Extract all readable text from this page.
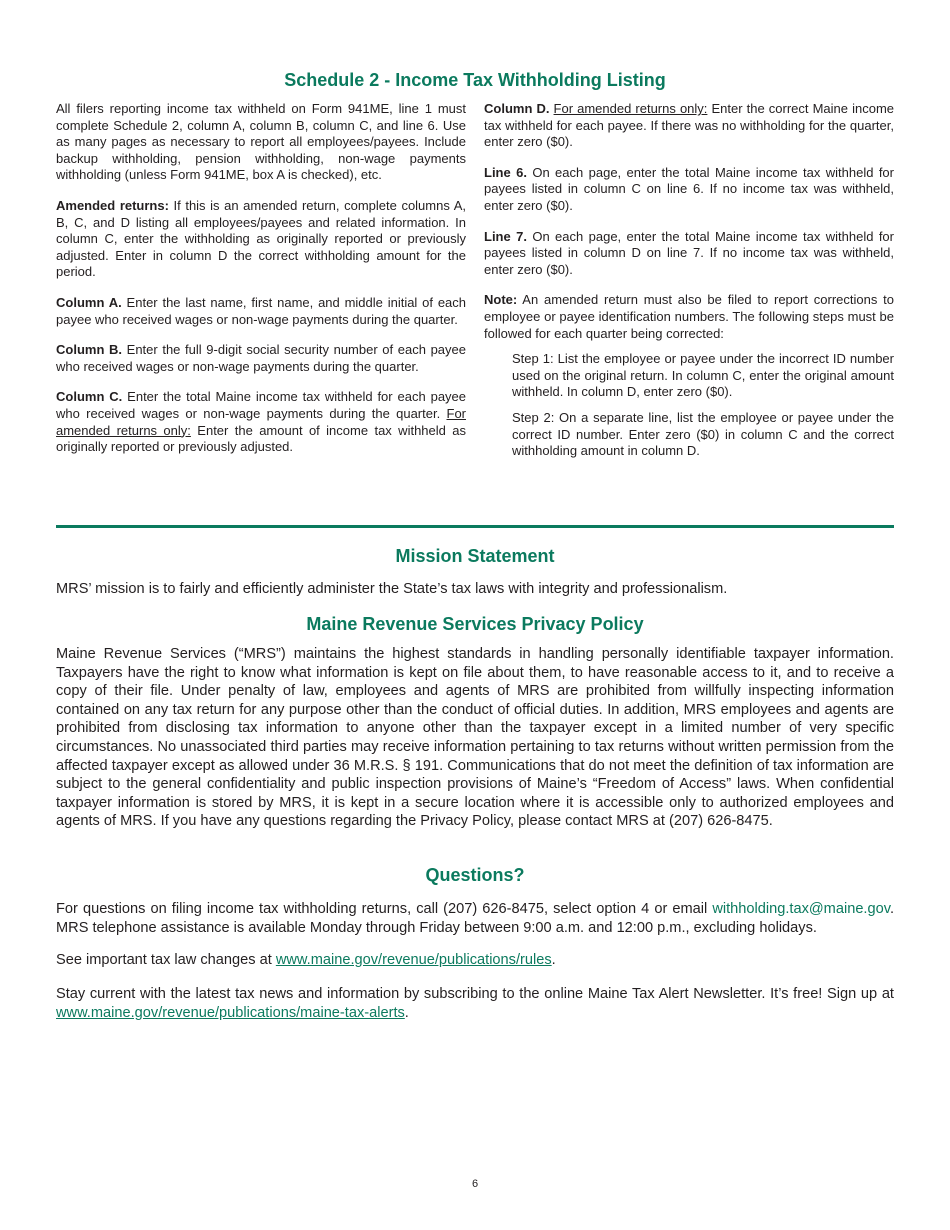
Schedule 2 - Income Tax Withholding Listing

All filers reporting income tax withheld on Form 941ME, line 1 must complete Schedule 2, column A, column B, column C, and line 6. Use as many pages as necessary to report all employees/payees. Include backup withholding, pension withholding, non-wage payments withholding (unless Form 941ME, box A is checked), etc.

Amended returns: If this is an amended return, complete columns A, B, C, and D listing all employees/payees and related information. In column C, enter the withholding as originally reported or previously adjusted. Enter in column D the correct withholding amount for the period.

Column A. Enter the last name, first name, and middle initial of each payee who received wages or non-wage payments during the quarter.

Column B. Enter the full 9-digit social security number of each payee who received wages or non-wage payments during the quarter.

Column C. Enter the total Maine income tax withheld for each payee who received wages or non-wage payments during the quarter. For amended returns only: Enter the amount of income tax withheld as originally reported or previously adjusted.

Column D. For amended returns only: Enter the correct Maine income tax withheld for each payee. If there was no withholding for the quarter, enter zero ($0).

Line 6. On each page, enter the total Maine income tax withheld for payees listed in column C on line 6. If no income tax was withheld, enter zero ($0).

Line 7. On each page, enter the total Maine income tax withheld for payees listed in column D on line 7. If no income tax was withheld, enter zero ($0).

Note: An amended return must also be filed to report corrections to employee or payee identification numbers. The following steps must be followed for each quarter being corrected:

Step 1: List the employee or payee under the incorrect ID number used on the original return. In column C, enter the original amount withheld. In column D, enter zero ($0).

Step 2: On a separate line, list the employee or payee under the correct ID number. Enter zero ($0) in column C and the correct withholding amount in column D.

Mission Statement

MRS’ mission is to fairly and efficiently administer the State’s tax laws with integrity and professionalism.

Maine Revenue Services Privacy Policy

Maine Revenue Services (“MRS”) maintains the highest standards in handling personally identifiable taxpayer information. Taxpayers have the right to know what information is kept on file about them, to have reasonable access to it, and to receive a copy of their file. Under penalty of law, employees and agents of MRS are prohibited from willfully inspecting information contained on any tax return for any purpose other than the conduct of official duties. In addition, MRS employees and agents are prohibited from disclosing tax information to anyone other than the taxpayer except in a limited number of very specific circumstances. No unassociated third parties may receive information pertaining to tax returns without written permission from the affected taxpayer except as allowed under 36 M.R.S. § 191. Communications that do not meet the definition of tax information are subject to the general confidentiality and public inspection provisions of Maine’s “Freedom of Access” laws. When confidential taxpayer information is stored by MRS, it is kept in a secure location where it is accessible only to authorized employees and agents of MRS. If you have any questions regarding the Privacy Policy, please contact MRS at (207) 626-8475.

Questions?

For questions on filing income tax withholding returns, call (207) 626-8475, select option 4 or email withholding.tax@maine.gov. MRS telephone assistance is available Monday through Friday between 9:00 a.m. and 12:00 p.m., excluding holidays.

See important tax law changes at www.maine.gov/revenue/publications/rules.

Stay current with the latest tax news and information by subscribing to the online Maine Tax Alert Newsletter. It’s free! Sign up at www.maine.gov/revenue/publications/maine-tax-alerts.

6
